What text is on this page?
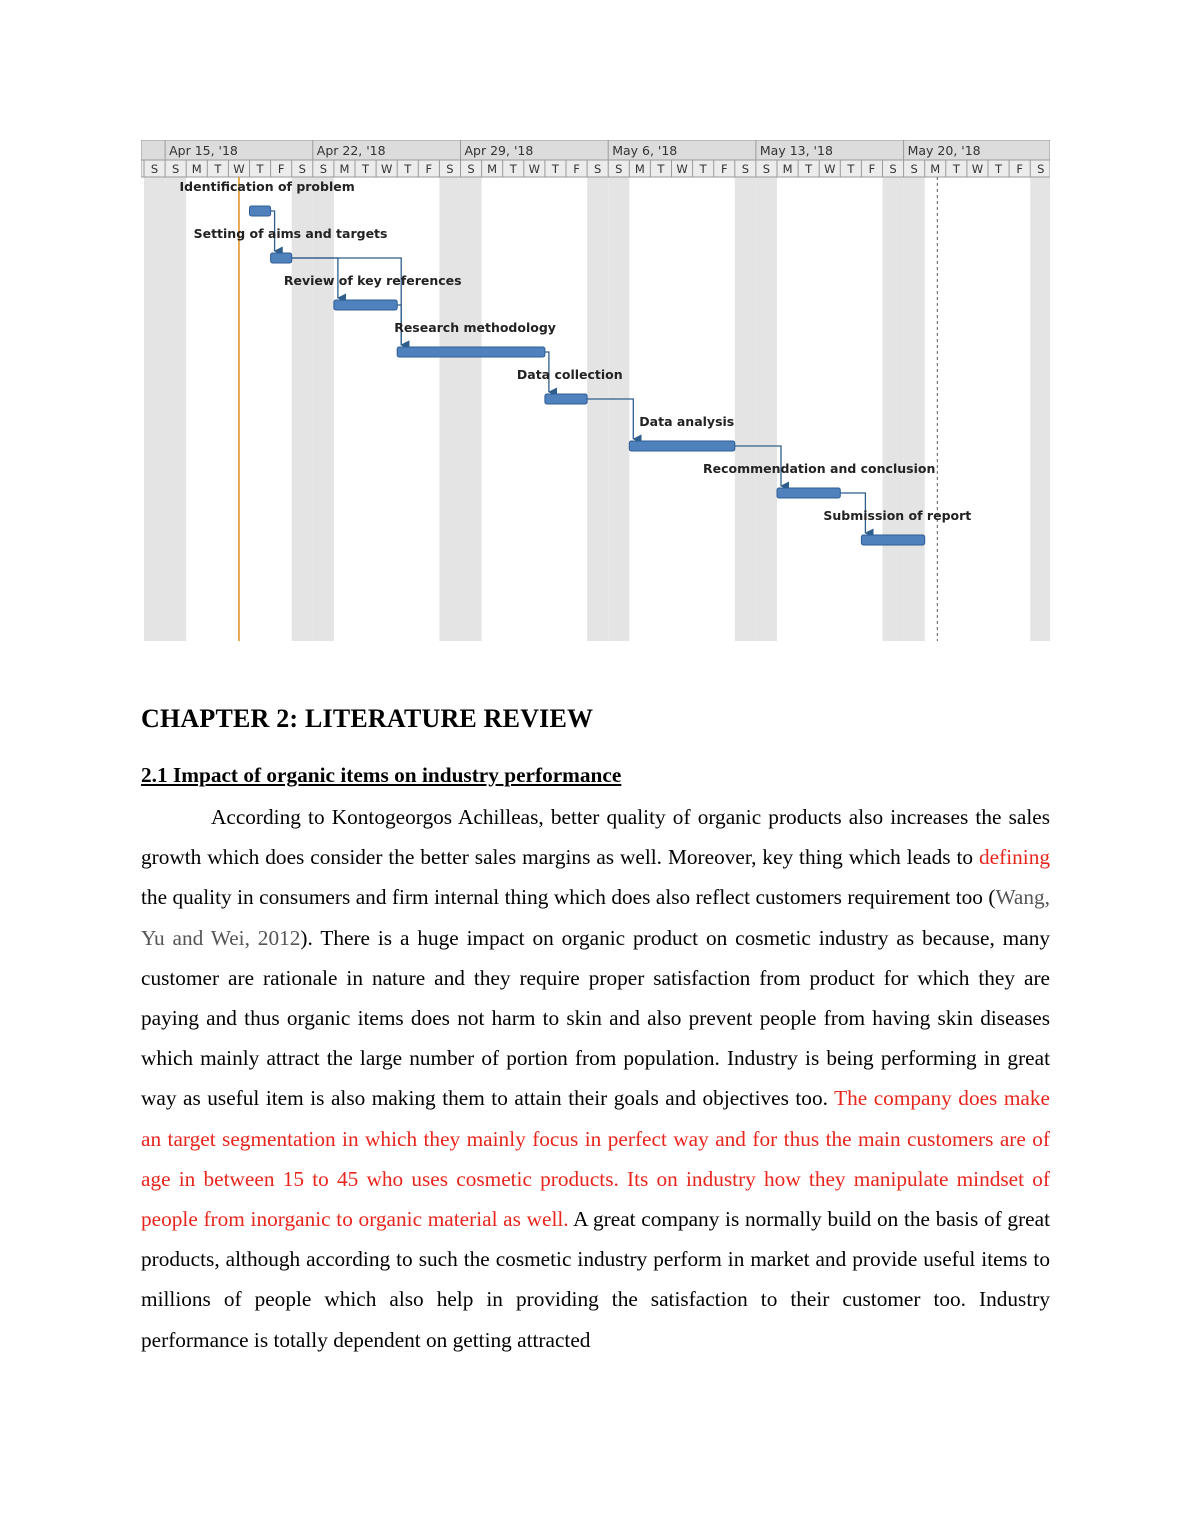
Apr 15, '18	Apr 22, '18	Apr 29, '18	May 6, '18	May 13, '18	May 20, '18
S S M T W T F S S M T W T F S S M T W T F S S M T W T F S S M T W T F S S M T W T F S
Identification of problem
Setting of aims and targets
Review of key references
Research methodology
Data collection
Data analysis
Recommendation and conclusion
Submission of report
CHAPTER 2: LITERATURE REVIEW
2.1 Impact of organic items on industry performance

According to Kontogeorgos Achilleas, better quality of organic products also increases the sales growth which does consider the better sales margins as well. Moreover, key thing which leads to defining the quality in consumers and firm internal thing which does also reflect customers requirement too (Wang, Yu and Wei, 2012). There is a huge impact on organic product on cosmetic industry as because, many customer are rationale in nature and they require proper satisfaction from product for which they are paying and thus organic items does not harm to skin and also prevent people from having skin diseases which mainly attract the large number of portion from population. Industry is being performing in great way as useful item is also making them to attain their goals and objectives too. The company does make an target segmentation in which they mainly focus in perfect way and for thus the main customers are of age in between 15 to 45 who uses cosmetic products. Its on industry how they manipulate mindset of people from inorganic to organic material as well. A great company is normally build on the basis of great products, although according to such the cosmetic industry perform in market and provide useful items to millions of people which also help in providing the satisfaction to their customer too. Industry performance is totally dependent on getting attracted
